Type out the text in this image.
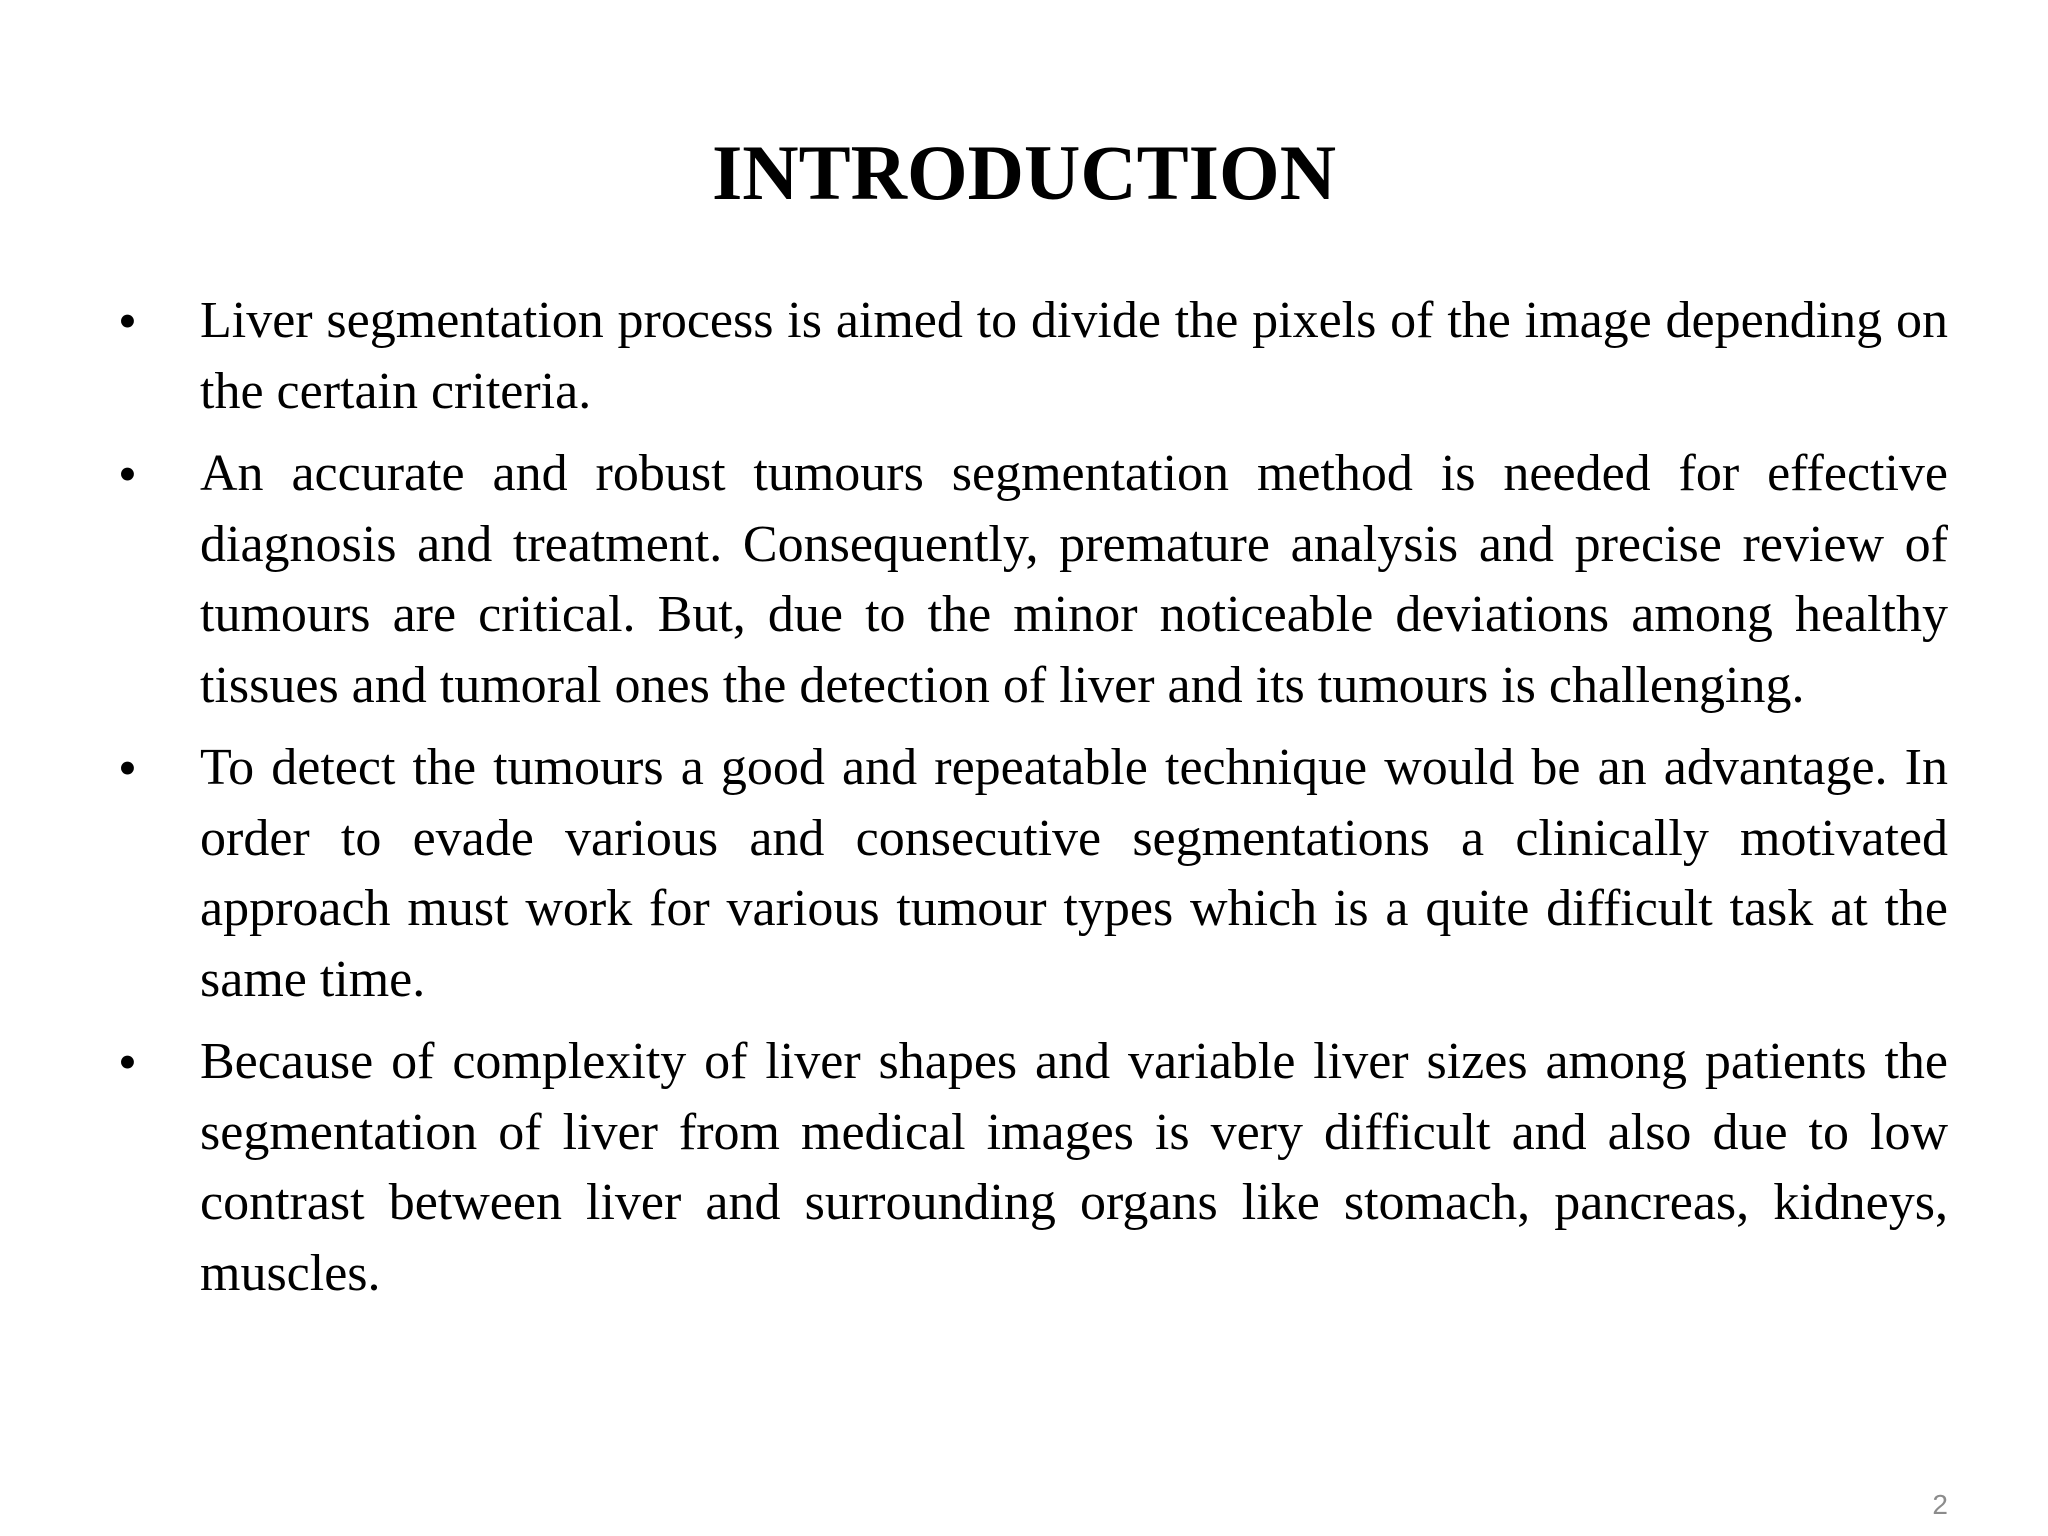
INTRODUCTION
• Liver segmentation process is aimed to divide the pixels of the image depending on the certain criteria.
• An accurate and robust tumours segmentation method is needed for effective diagnosis and treatment. Consequently, premature analysis and precise review of tumours are critical. But, due to the minor noticeable deviations among healthy tissues and tumoral ones the detection of liver and its tumours is challenging.
• To detect the tumours a good and repeatable technique would be an advantage. In order to evade various and consecutive segmentations a clinically motivated approach must work for various tumour types which is a quite difficult task at the same time.
• Because of complexity of liver shapes and variable liver sizes among patients the segmentation of liver from medical images is very difficult and also due to low contrast between liver and surrounding organs like stomach, pancreas, kidneys, muscles.
2
